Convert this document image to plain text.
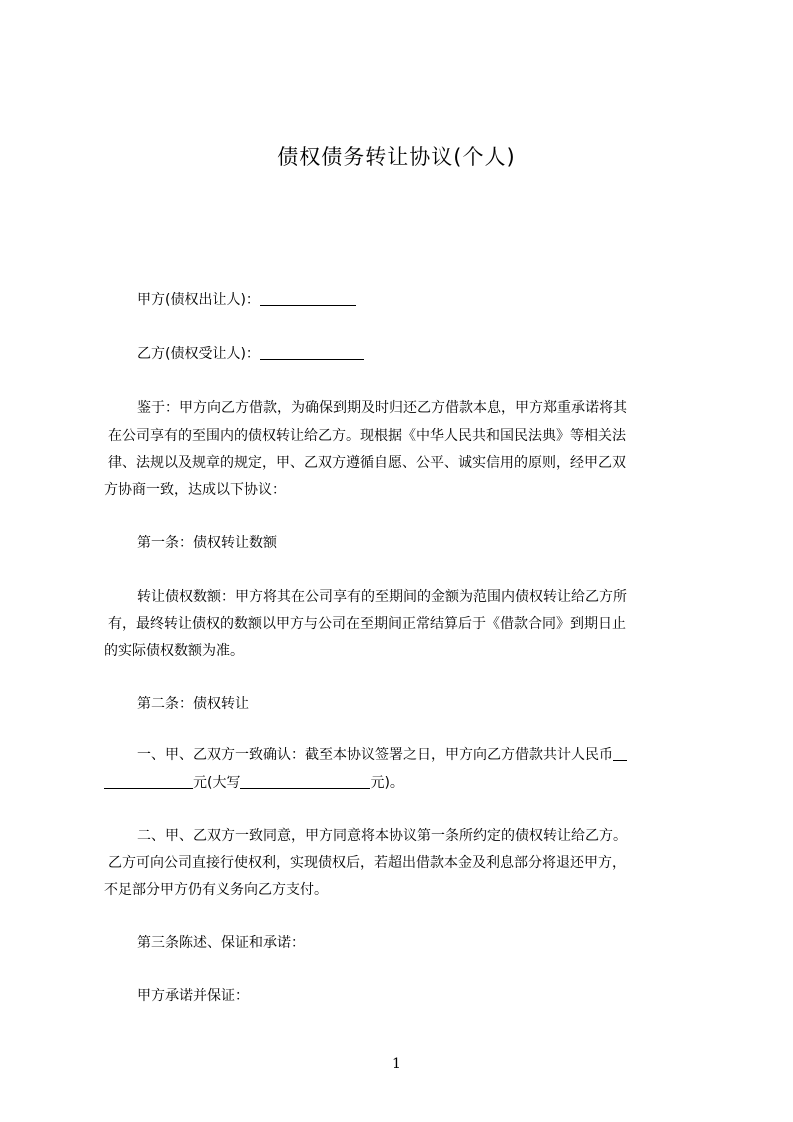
债权债务转让协议(个人)
甲方(债权出让人)：
乙方(债权受让人)：
鉴于：甲方向乙方借款，为确保到期及时归还乙方借款本息，甲方郑重承诺将其
在公司享有的至围内的债权转让给乙方。现根据《中华人民共和国民法典》等相关法
律、法规以及规章的规定，甲、乙双方遵循自愿、公平、诚实信用的原则，经甲乙双
方协商一致，达成以下协议：
第一条：债权转让数额
转让债权数额：甲方将其在公司享有的至期间的金额为范围内债权转让给乙方所
有，最终转让债权的数额以甲方与公司在至期间正常结算后于《借款合同》到期日止
的实际债权数额为准。
第二条：债权转让
一、甲、乙双方一致确认：截至本协议签署之日，甲方向乙方借款共计人民币
元(大写	元)。
二、甲、乙双方一致同意，甲方同意将本协议第一条所约定的债权转让给乙方。
乙方可向公司直接行使权利，实现债权后，若超出借款本金及利息部分将退还甲方，
不足部分甲方仍有义务向乙方支付。
第三条陈述、保证和承诺：
甲方承诺并保证：
1
